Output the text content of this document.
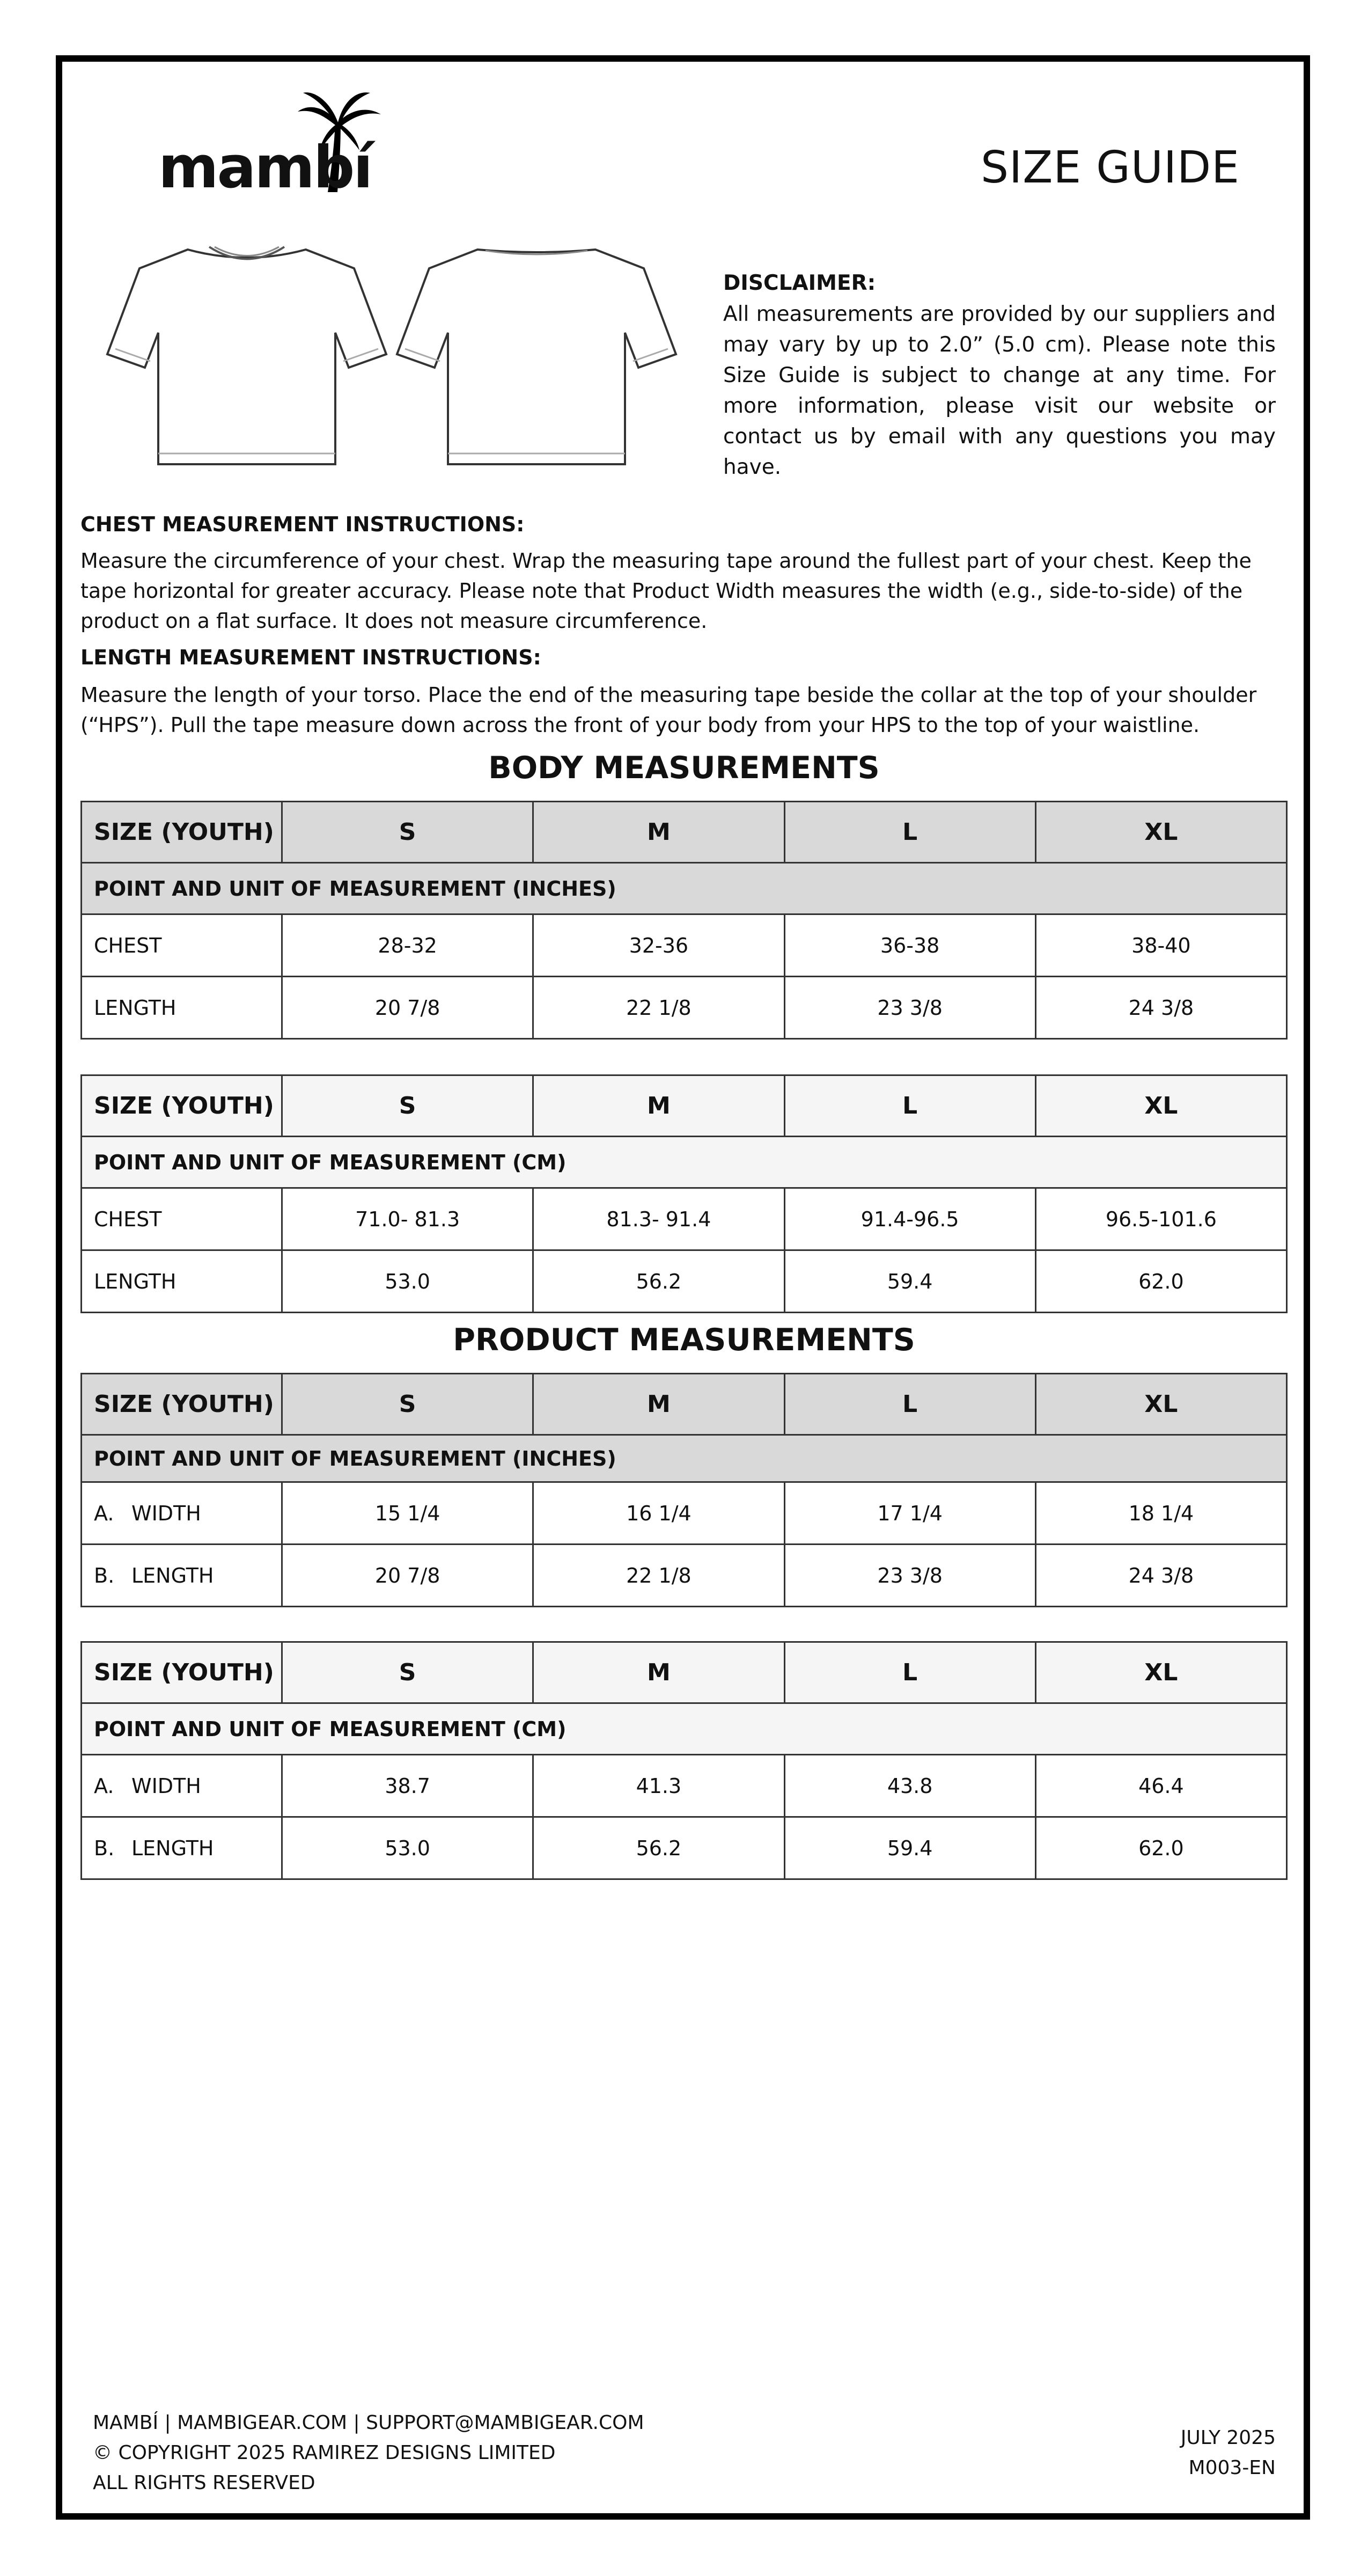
mambí	SIZE GUIDE
DISCLAIMER:
All measurements are provided by our suppliers and may vary by up to 2.0” (5.0 cm). Please note this Size Guide is subject to change at any time. For more information, please visit our website or contact us by email with any questions you may have.
CHEST MEASUREMENT INSTRUCTIONS:
Measure the circumference of your chest. Wrap the measuring tape around the fullest part of your chest. Keep the tape horizontal for greater accuracy. Please note that Product Width measures the width (e.g., side-to-side) of the product on a flat surface. It does not measure circumference.
LENGTH MEASUREMENT INSTRUCTIONS:
Measure the length of your torso. Place the end of the measuring tape beside the collar at the top of your shoulder (“HPS”). Pull the tape measure down across the front of your body from your HPS to the top of your waistline.
BODY MEASUREMENTS
SIZE (YOUTH)	S	M	L	XL
POINT AND UNIT OF MEASUREMENT (INCHES)				
CHEST	28-32	32-36	36-38	38-40
LENGTH	20 7/8	22 1/8	23 3/8	24 3/8
SIZE (YOUTH)	S	M	L	XL
POINT AND UNIT OF MEASUREMENT (CM)				
CHEST	71.0- 81.3	81.3- 91.4	91.4-96.5	96.5-101.6
LENGTH	53.0	56.2	59.4	62.0
PRODUCT MEASUREMENTS
SIZE (YOUTH)	S	M	L	XL
POINT AND UNIT OF MEASUREMENT (INCHES)				
A. WIDTH	15 1/4	16 1/4	17 1/4	18 1/4
B. LENGTH	20 7/8	22 1/8	23 3/8	24 3/8
SIZE (YOUTH)	S	M	L	XL
POINT AND UNIT OF MEASUREMENT (CM)				
A. WIDTH	38.7	41.3	43.8	46.4
B. LENGTH	53.0	56.2	59.4	62.0
MAMBÍ | MAMBIGEAR.COM | SUPPORT@MAMBIGEAR.COM
© COPYRIGHT 2025 RAMIREZ DESIGNS LIMITED
ALL RIGHTS RESERVED
JULY 2025
M003-EN
